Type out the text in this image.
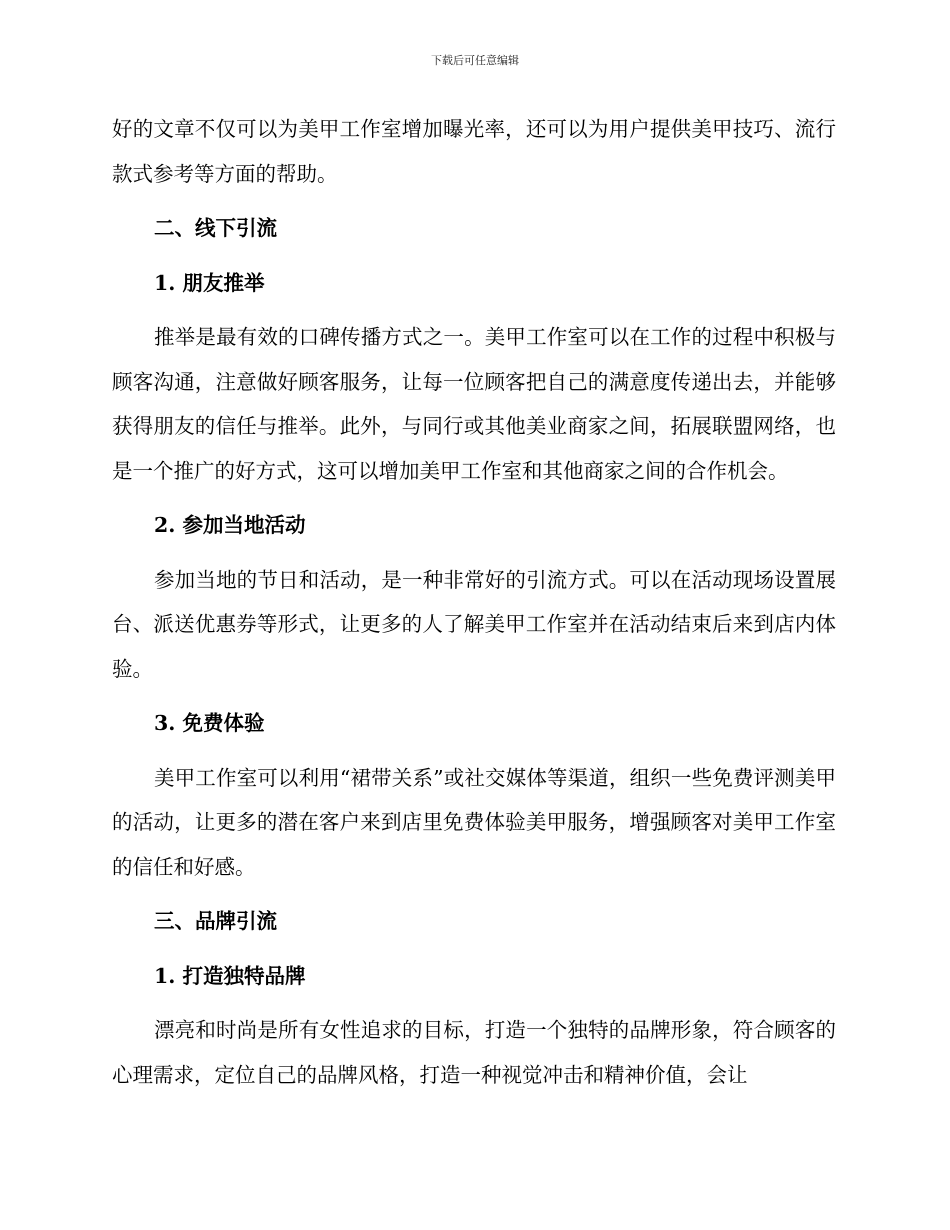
下载后可任意编辑

好的文章不仅可以为美甲工作室增加曝光率，还可以为用户提供美甲技巧、流行款式参考等方面的帮助。

二、线下引流

1. 朋友推举

推举是最有效的口碑传播方式之一。美甲工作室可以在工作的过程中积极与顾客沟通，注意做好顾客服务，让每一位顾客把自己的满意度传递出去，并能够获得朋友的信任与推举。此外，与同行或其他美业商家之间，拓展联盟网络，也是一个推广的好方式，这可以增加美甲工作室和其他商家之间的合作机会。

2. 参加当地活动

参加当地的节日和活动，是一种非常好的引流方式。可以在活动现场设置展台、派送优惠券等形式，让更多的人了解美甲工作室并在活动结束后来到店内体验。

3. 免费体验

美甲工作室可以利用“裙带关系”或社交媒体等渠道，组织一些免费评测美甲的活动，让更多的潜在客户来到店里免费体验美甲服务，增强顾客对美甲工作室的信任和好感。

三、品牌引流

1. 打造独特品牌

漂亮和时尚是所有女性追求的目标，打造一个独特的品牌形象，符合顾客的心理需求，定位自己的品牌风格，打造一种视觉冲击和精神价值，会让
